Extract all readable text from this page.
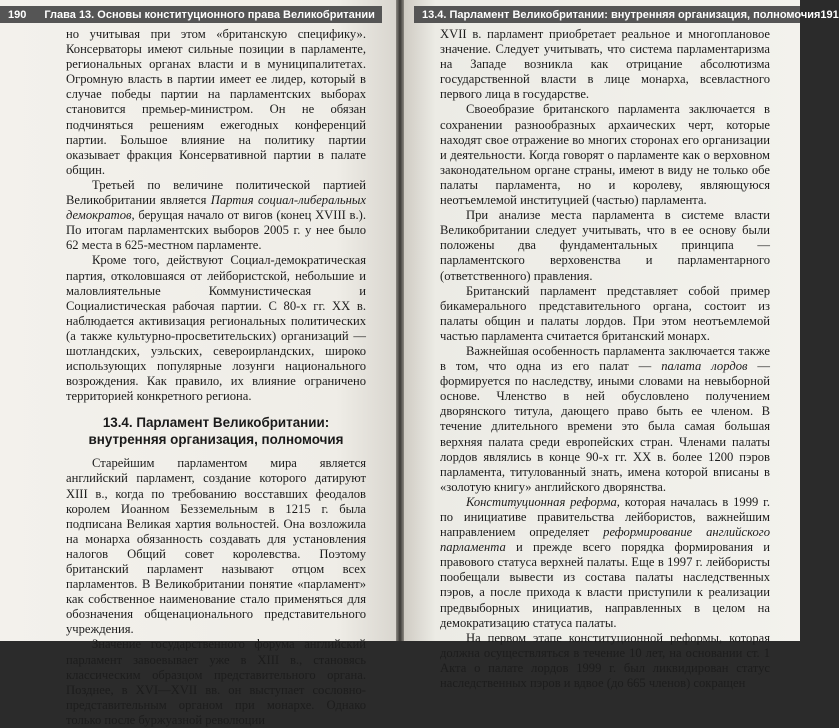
190 Глава 13. Основы конституционного права Великобритании

но учитывая при этом «британскую специфику». Консерваторы имеют сильные позиции в парламенте, региональных органах власти и в муниципалитетах. Огромную власть в партии имеет ее лидер, который в случае победы партии на парламентских выборах становится премьер-министром. Он не обязан подчиняться решениям ежегодных конференций партии. Большое влияние на политику партии оказывает фракция Консервативной партии в палате общин.

Третьей по величине политической партией Великобритании является Партия социал-либеральных демократов, берущая начало от вигов (конец XVIII в.). По итогам парламентских выборов 2005 г. у нее было 62 места в 625-местном парламенте.

Кроме того, действуют Социал-демократическая партия, отколовшаяся от лейбористской, небольшие и маловлиятельные Коммунистическая и Социалистическая рабочая партии. С 80-х гг. XX в. наблюдается активизация региональных политических (а также культурно-просветительских) организаций — шотландских, уэльских, североирландских, широко использующих популярные лозунги национального возрождения. Как правило, их влияние ограничено территорией конкретного региона.

13.4. Парламент Великобритании: внутренняя организация, полномочия

Старейшим парламентом мира является английский парламент, создание которого датируют XIII в., когда по требованию восставших феодалов королем Иоанном Безземельным в 1215 г. была подписана Великая хартия вольностей. Она возложила на монарха обязанность создавать для установления налогов Общий совет королевства. Поэтому британский парламент называют отцом всех парламентов. В Великобритании понятие «парламент» как собственное наименование стало применяться для обозначения общенационального представительного учреждения.

Значение государственного форума английский парламент завоевывает уже в XIII в., становясь классическим образцом представительного органа. Позднее, в XVI—XVII вв. он выступает сословно-представительным органом при монархе. Однако только после буржуазной революции

13.4. Парламент Великобритании: внутренняя организация, полномочия 191

XVII в. парламент приобретает реальное и многоплановое значение. Следует учитывать, что система парламентаризма на Западе возникла как отрицание абсолютизма государственной власти в лице монарха, всевластного первого лица в государстве.

Своеобразие британского парламента заключается в сохранении разнообразных архаических черт, которые находят свое отражение во многих сторонах его организации и деятельности. Когда говорят о парламенте как о верховном законодательном органе страны, имеют в виду не только обе палаты парламента, но и королеву, являющуюся неотъемлемой институцией (частью) парламента.

При анализе места парламента в системе власти Великобритании следует учитывать, что в ее основу были положены два фундаментальных принципа — парламентского верховенства и парламентарного (ответственного) правления.

Британский парламент представляет собой пример бикамерального представительного органа, состоит из палаты общин и палаты лордов. При этом неотъемлемой частью парламента считается британский монарх.

Важнейшая особенность парламента заключается также в том, что одна из его палат — палата лордов — формируется по наследству, иными словами на невыборной основе. Членство в ней обусловлено получением дворянского титула, дающего право быть ее членом. В течение длительного времени это была самая большая верхняя палата среди европейских стран. Членами палаты лордов являлись в конце 90-х гг. XX в. более 1200 пэров парламента, титулованный знать, имена которой вписаны в «золотую книгу» английского дворянства.

Конституционная реформа, которая началась в 1999 г. по инициативе правительства лейбористов, важнейшим направлением определяет реформирование английского парламента и прежде всего порядка формирования и правового статуса верхней палаты. Еще в 1997 г. лейбористы пообещали вывести из состава палаты наследственных пэров, а после прихода к власти приступили к реализации предвыборных инициатив, направленных в целом на демократизацию статуса палаты.

На первом этапе конституционной реформы, которая должна осуществляться в течение 10 лет, на основании ст. 1 Акта о палате лордов 1999 г. был ликвидирован статус наследственных пэров и вдвое (до 665 членов) сокращен
